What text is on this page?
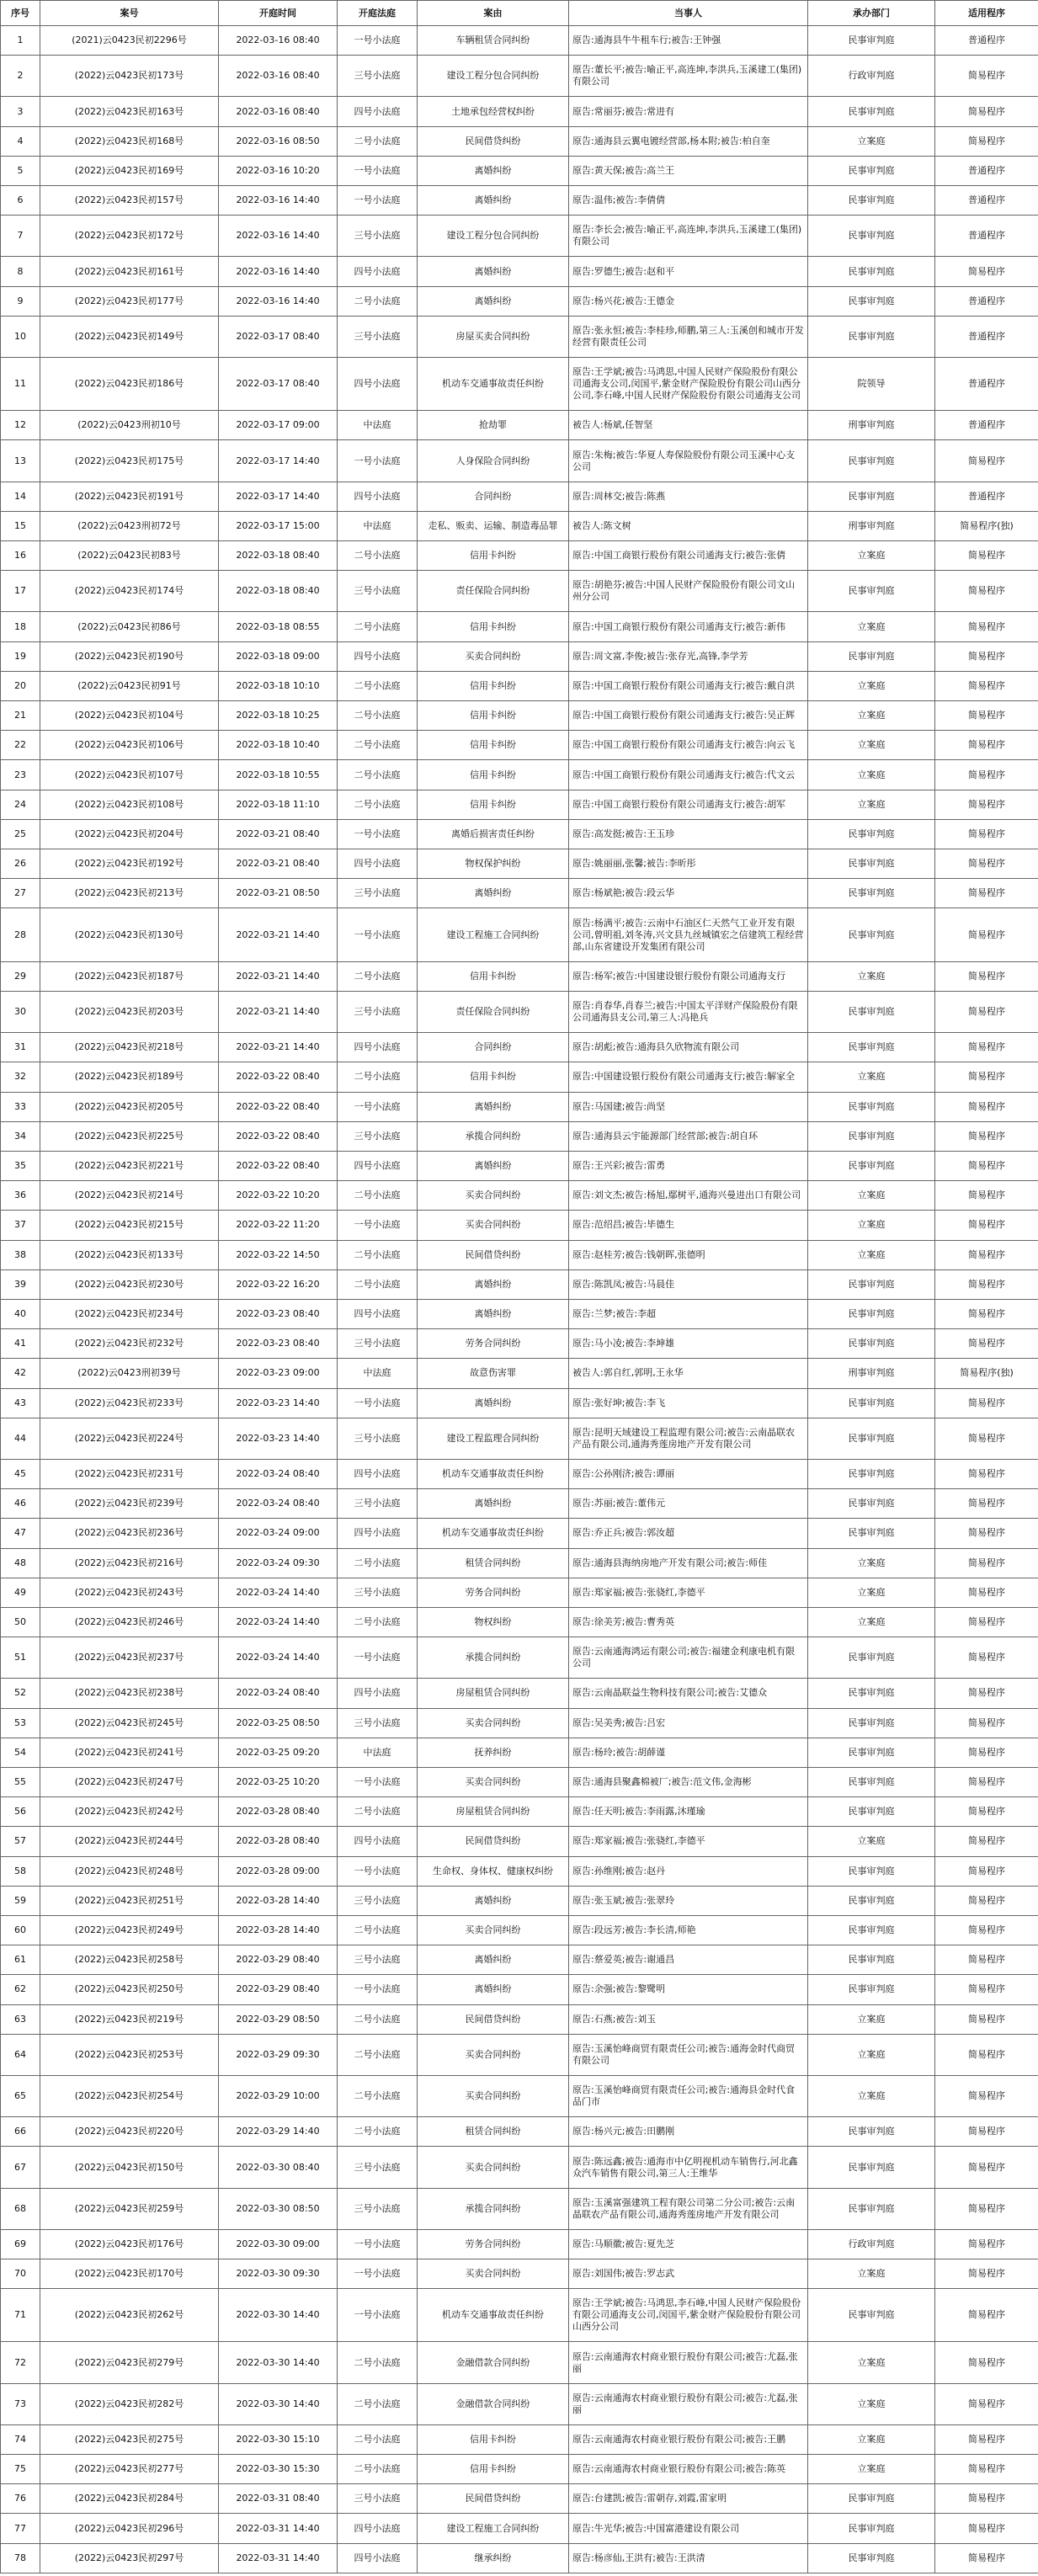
序号	案号	开庭时间	开庭法庭	案由	当事人	承办部门	适用程序
1	(2021)云0423民初2296号	2022-03-16 08:40	一号小法庭	车辆租赁合同纠纷	原告:通海县牛牛租车行;被告:王钟强	民事审判庭	普通程序
2	(2022)云0423民初173号	2022-03-16 08:40	三号小法庭	建设工程分包合同纠纷	原告:董长平;被告:喻正平,高连坤,李洪兵,玉溪建工(集团)有限公司	行政审判庭	简易程序
3	(2022)云0423民初163号	2022-03-16 08:40	四号小法庭	土地承包经营权纠纷	原告:常丽芬;被告:常进有	民事审判庭	简易程序
4	(2022)云0423民初168号	2022-03-16 08:50	二号小法庭	民间借贷纠纷	原告:通海县云翼电镀经营部,杨本附;被告:柏自奎	立案庭	简易程序
5	(2022)云0423民初169号	2022-03-16 10:20	一号小法庭	离婚纠纷	原告:黄天保;被告:高兰王	民事审判庭	普通程序
6	(2022)云0423民初157号	2022-03-16 14:40	一号小法庭	离婚纠纷	原告:温伟;被告:李倩倩	民事审判庭	普通程序
7	(2022)云0423民初172号	2022-03-16 14:40	三号小法庭	建设工程分包合同纠纷	原告:李长会;被告:喻正平,高连坤,李洪兵,玉溪建工(集团)有限公司	民事审判庭	普通程序
8	(2022)云0423民初161号	2022-03-16 14:40	四号小法庭	离婚纠纷	原告:罗德生;被告:赵和平	民事审判庭	简易程序
9	(2022)云0423民初177号	2022-03-16 14:40	二号小法庭	离婚纠纷	原告:杨兴花;被告:王德金	民事审判庭	普通程序
10	(2022)云0423民初149号	2022-03-17 08:40	三号小法庭	房屋买卖合同纠纷	原告:张永恒;被告:李桂珍,师鹏,第三人:玉溪创和城市开发经营有限责任公司	民事审判庭	普通程序
11	(2022)云0423民初186号	2022-03-17 08:40	四号小法庭	机动车交通事故责任纠纷	原告:王学斌;被告:马鸿思,中国人民财产保险股份有限公司通海支公司,闵国平,紫金财产保险股份有限公司山西分公司,李石峰,中国人民财产保险股份有限公司通海支公司	院领导	普通程序
12	(2022)云0423刑初10号	2022-03-17 09:00	中法庭	抢劫罪	被告人:杨斌,任智坚	刑事审判庭	普通程序
13	(2022)云0423民初175号	2022-03-17 14:40	一号小法庭	人身保险合同纠纷	原告:朱梅;被告:华夏人寿保险股份有限公司玉溪中心支公司	民事审判庭	简易程序
14	(2022)云0423民初191号	2022-03-17 14:40	四号小法庭	合同纠纷	原告:周林交;被告:陈燕	民事审判庭	普通程序
15	(2022)云0423刑初72号	2022-03-17 15:00	中法庭	走私、贩卖、运输、制造毒品罪	被告人:陈文树	刑事审判庭	简易程序(独)
16	(2022)云0423民初83号	2022-03-18 08:40	二号小法庭	信用卡纠纷	原告:中国工商银行股份有限公司通海支行;被告:张倩	立案庭	简易程序
17	(2022)云0423民初174号	2022-03-18 08:40	三号小法庭	责任保险合同纠纷	原告:胡艳芬;被告:中国人民财产保险股份有限公司文山州分公司	民事审判庭	简易程序
18	(2022)云0423民初86号	2022-03-18 08:55	二号小法庭	信用卡纠纷	原告:中国工商银行股份有限公司通海支行;被告:新伟	立案庭	简易程序
19	(2022)云0423民初190号	2022-03-18 09:00	四号小法庭	买卖合同纠纷	原告:周文富,李俊;被告:张存光,高锋,李学芳	民事审判庭	简易程序
20	(2022)云0423民初91号	2022-03-18 10:10	二号小法庭	信用卡纠纷	原告:中国工商银行股份有限公司通海支行;被告:戴自洪	立案庭	简易程序
21	(2022)云0423民初104号	2022-03-18 10:25	二号小法庭	信用卡纠纷	原告:中国工商银行股份有限公司通海支行;被告:吴正辉	立案庭	简易程序
22	(2022)云0423民初106号	2022-03-18 10:40	二号小法庭	信用卡纠纷	原告:中国工商银行股份有限公司通海支行;被告:向云飞	立案庭	简易程序
23	(2022)云0423民初107号	2022-03-18 10:55	二号小法庭	信用卡纠纷	原告:中国工商银行股份有限公司通海支行;被告:代文云	立案庭	简易程序
24	(2022)云0423民初108号	2022-03-18 11:10	二号小法庭	信用卡纠纷	原告:中国工商银行股份有限公司通海支行;被告:胡军	立案庭	简易程序
25	(2022)云0423民初204号	2022-03-21 08:40	一号小法庭	离婚后损害责任纠纷	原告:高发挺;被告:王玉珍	民事审判庭	简易程序
26	(2022)云0423民初192号	2022-03-21 08:40	四号小法庭	物权保护纠纷	原告:姚丽丽,张馨;被告:李昕彤	民事审判庭	简易程序
27	(2022)云0423民初213号	2022-03-21 08:50	三号小法庭	离婚纠纷	原告:杨斌艳;被告:段云华	民事审判庭	简易程序
28	(2022)云0423民初130号	2022-03-21 14:40	一号小法庭	建设工程施工合同纠纷	原告:杨满平;被告:云南中石油区仁天然气工业开发有限公司,曾明祖,刘冬涛,兴文县九丝城镇宏之信建筑工程经营部,山东省建设开发集团有限公司	民事审判庭	简易程序
29	(2022)云0423民初187号	2022-03-21 14:40	二号小法庭	信用卡纠纷	原告:杨军;被告:中国建设银行股份有限公司通海支行	立案庭	简易程序
30	(2022)云0423民初203号	2022-03-21 14:40	三号小法庭	责任保险合同纠纷	原告:肖春华,肖春兰;被告:中国太平洋财产保险股份有限公司通海县支公司,第三人:冯艳兵	民事审判庭	简易程序
31	(2022)云0423民初218号	2022-03-21 14:40	四号小法庭	合同纠纷	原告:胡彪;被告:通海县久欣物流有限公司	民事审判庭	简易程序
32	(2022)云0423民初189号	2022-03-22 08:40	二号小法庭	信用卡纠纷	原告:中国建设银行股份有限公司通海支行;被告:解家全	立案庭	简易程序
33	(2022)云0423民初205号	2022-03-22 08:40	一号小法庭	离婚纠纷	原告:马国建;被告:尚坚	民事审判庭	简易程序
34	(2022)云0423民初225号	2022-03-22 08:40	三号小法庭	承揽合同纠纷	原告:通海县云宇能源部门经营部;被告:胡自环	民事审判庭	简易程序
35	(2022)云0423民初221号	2022-03-22 08:40	四号小法庭	离婚纠纷	原告:王兴彩;被告:雷勇	民事审判庭	简易程序
36	(2022)云0423民初214号	2022-03-22 10:20	二号小法庭	买卖合同纠纷	原告:刘文杰;被告:杨旭,鄢树平,通海兴曼进出口有限公司	立案庭	简易程序
37	(2022)云0423民初215号	2022-03-22 11:20	一号小法庭	买卖合同纠纷	原告:范绍昌;被告:毕德生	立案庭	简易程序
38	(2022)云0423民初133号	2022-03-22 14:50	二号小法庭	民间借贷纠纷	原告:赵桂芳;被告:钱朝晖,张德明	立案庭	简易程序
39	(2022)云0423民初230号	2022-03-22 16:20	二号小法庭	离婚纠纷	原告:陈凯凤;被告:马晨佳	民事审判庭	简易程序
40	(2022)云0423民初234号	2022-03-23 08:40	四号小法庭	离婚纠纷	原告:兰梦;被告:李超	民事审判庭	简易程序
41	(2022)云0423民初232号	2022-03-23 08:40	三号小法庭	劳务合同纠纷	原告:马小凌;被告:李坤雄	民事审判庭	简易程序
42	(2022)云0423刑初39号	2022-03-23 09:00	中法庭	故意伤害罪	被告人:郭自红,郭明,王永华	刑事审判庭	简易程序(独)
43	(2022)云0423民初233号	2022-03-23 14:40	一号小法庭	离婚纠纷	原告:张好坤;被告:李飞	民事审判庭	简易程序
44	(2022)云0423民初224号	2022-03-23 14:40	三号小法庭	建设工程监理合同纠纷	原告:昆明天域建设工程监理有限公司;被告:云南晶联农产品有限公司,通海秀莲房地产开发有限公司	民事审判庭	简易程序
45	(2022)云0423民初231号	2022-03-24 08:40	四号小法庭	机动车交通事故责任纠纷	原告:公孙刚济;被告:谭丽	民事审判庭	简易程序
46	(2022)云0423民初239号	2022-03-24 08:40	三号小法庭	离婚纠纷	原告:苏丽;被告:董伟元	民事审判庭	简易程序
47	(2022)云0423民初236号	2022-03-24 09:00	四号小法庭	机动车交通事故责任纠纷	原告:乔正兵;被告:郭汝超	民事审判庭	简易程序
48	(2022)云0423民初216号	2022-03-24 09:30	二号小法庭	租赁合同纠纷	原告:通海县海纳房地产开发有限公司;被告:师佳	立案庭	简易程序
49	(2022)云0423民初243号	2022-03-24 14:40	三号小法庭	劳务合同纠纷	原告:郑家福;被告:张骁红,李德平	立案庭	简易程序
50	(2022)云0423民初246号	2022-03-24 14:40	二号小法庭	物权纠纷	原告:徐美芳;被告:曹秀英	立案庭	简易程序
51	(2022)云0423民初237号	2022-03-24 14:40	一号小法庭	承揽合同纠纷	原告:云南通海鸿运有限公司;被告:福建金利康电机有限公司	民事审判庭	简易程序
52	(2022)云0423民初238号	2022-03-24 08:40	四号小法庭	房屋租赁合同纠纷	原告:云南晶联益生物科技有限公司;被告:艾德众	民事审判庭	简易程序
53	(2022)云0423民初245号	2022-03-25 08:50	三号小法庭	买卖合同纠纷	原告:吴美秀;被告:吕宏	民事审判庭	简易程序
54	(2022)云0423民初241号	2022-03-25 09:20	中法庭	抚养纠纷	原告:杨玲;被告:胡薛谨	民事审判庭	简易程序
55	(2022)云0423民初247号	2022-03-25 10:20	一号小法庭	买卖合同纠纷	原告:通海县聚鑫棉被厂;被告:范文伟,金海彬	民事审判庭	简易程序
56	(2022)云0423民初242号	2022-03-28 08:40	二号小法庭	房屋租赁合同纠纷	原告:任天明;被告:李雨露,沐瑾瑜	民事审判庭	简易程序
57	(2022)云0423民初244号	2022-03-28 08:40	四号小法庭	民间借贷纠纷	原告:郑家福;被告:张骁红,李德平	立案庭	简易程序
58	(2022)云0423民初248号	2022-03-28 09:00	一号小法庭	生命权、身体权、健康权纠纷	原告:孙维刚;被告:赵丹	民事审判庭	简易程序
59	(2022)云0423民初251号	2022-03-28 14:40	三号小法庭	离婚纠纷	原告:张玉斌;被告:张翠玲	民事审判庭	简易程序
60	(2022)云0423民初249号	2022-03-28 14:40	二号小法庭	买卖合同纠纷	原告:段远芳;被告:李长清,师艳	民事审判庭	简易程序
61	(2022)云0423民初258号	2022-03-29 08:40	三号小法庭	离婚纠纷	原告:蔡爱英;被告:谢通昌	民事审判庭	简易程序
62	(2022)云0423民初250号	2022-03-29 08:40	一号小法庭	离婚纠纷	原告:余强;被告:黎鹭明	民事审判庭	简易程序
63	(2022)云0423民初219号	2022-03-29 08:50	二号小法庭	民间借贷纠纷	原告:石燕;被告:刘玉	立案庭	简易程序
64	(2022)云0423民初253号	2022-03-29 09:30	二号小法庭	买卖合同纠纷	原告:玉溪怡峰商贸有限责任公司;被告:通海金时代商贸有限公司	立案庭	简易程序
65	(2022)云0423民初254号	2022-03-29 10:00	二号小法庭	买卖合同纠纷	原告:玉溪怡峰商贸有限责任公司;被告:通海县金时代食品门市	立案庭	简易程序
66	(2022)云0423民初220号	2022-03-29 14:40	二号小法庭	租赁合同纠纷	原告:杨兴元;被告:田鹏刚	民事审判庭	简易程序
67	(2022)云0423民初150号	2022-03-30 08:40	三号小法庭	买卖合同纠纷	原告:陈远鑫;被告:通海市中亿明视机动车销售行,河北鑫众汽车销售有限公司,第三人:王维华	民事审判庭	简易程序
68	(2022)云0423民初259号	2022-03-30 08:50	三号小法庭	承揽合同纠纷	原告:玉溪富强建筑工程有限公司第二分公司;被告:云南晶联农产品有限公司,通海秀莲房地产开发有限公司	民事审判庭	简易程序
69	(2022)云0423民初176号	2022-03-30 09:00	一号小法庭	劳务合同纠纷	原告:马顺徽;被告:夏先芝	行政审判庭	简易程序
70	(2022)云0423民初170号	2022-03-30 09:30	一号小法庭	买卖合同纠纷	原告:刘国伟;被告:罗志武	立案庭	简易程序
71	(2022)云0423民初262号	2022-03-30 14:40	一号小法庭	机动车交通事故责任纠纷	原告:王学斌;被告:马鸿思,李石峰,中国人民财产保险股份有限公司通海支公司,闵国平,紫金财产保险股份有限公司山西分公司	民事审判庭	简易程序
72	(2022)云0423民初279号	2022-03-30 14:40	二号小法庭	金融借款合同纠纷	原告:云南通海农村商业银行股份有限公司;被告:尤磊,张丽	立案庭	简易程序
73	(2022)云0423民初282号	2022-03-30 14:40	二号小法庭	金融借款合同纠纷	原告:云南通海农村商业银行股份有限公司;被告:尤磊,张丽	立案庭	简易程序
74	(2022)云0423民初275号	2022-03-30 15:10	二号小法庭	信用卡纠纷	原告:云南通海农村商业银行股份有限公司;被告:王鹏	立案庭	简易程序
75	(2022)云0423民初277号	2022-03-30 15:30	二号小法庭	信用卡纠纷	原告:云南通海农村商业银行股份有限公司;被告:陈英	立案庭	简易程序
76	(2022)云0423民初284号	2022-03-31 08:40	三号小法庭	民间借贷纠纷	原告:台建凯;被告:雷朝存,刘霞,雷家明	民事审判庭	简易程序
77	(2022)云0423民初296号	2022-03-31 14:40	四号小法庭	建设工程施工合同纠纷	原告:牛光华;被告:中国富港建设有限公司	民事审判庭	简易程序
78	(2022)云0423民初297号	2022-03-31 14:40	四号小法庭	继承纠纷	原告:杨彦仙,王洪有;被告:王洪清	民事审判庭	简易程序
